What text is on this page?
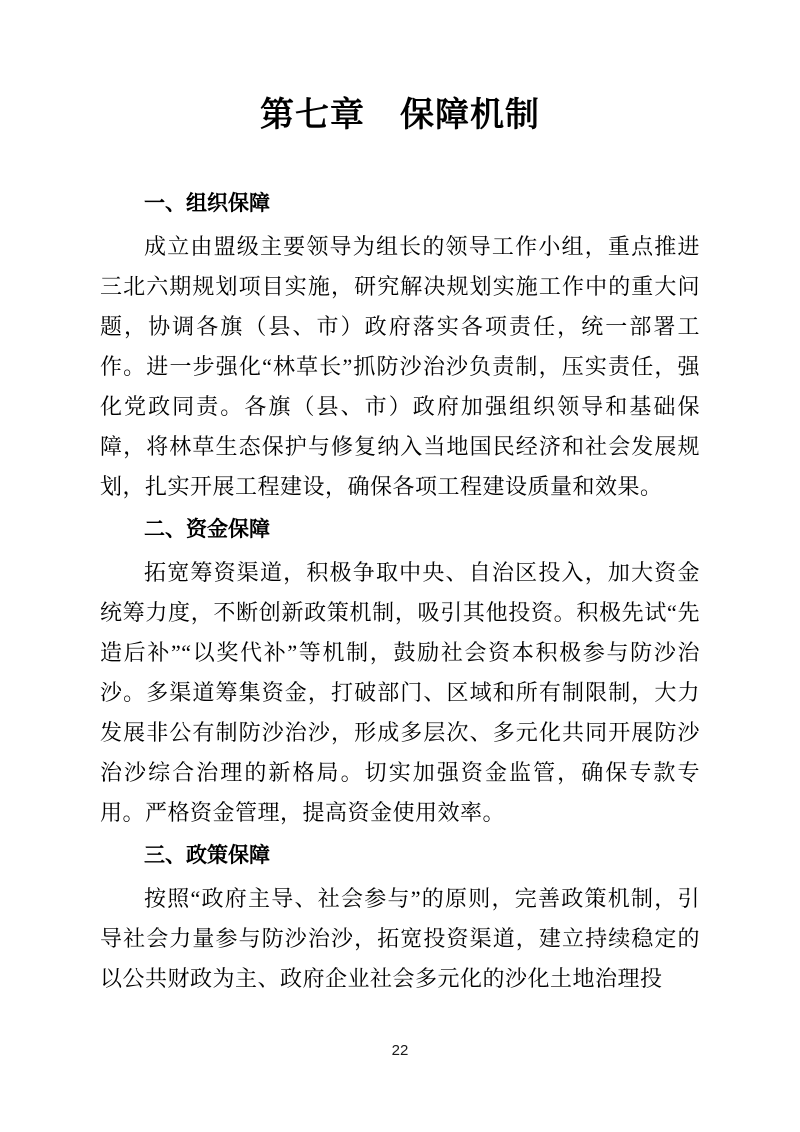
第七章　保障机制
一、组织保障

成立由盟级主要领导为组长的领导工作小组，重点推进三北六期规划项目实施，研究解决规划实施工作中的重大问题，协调各旗（县、市）政府落实各项责任，统一部署工作。进一步强化“林草长”抓防沙治沙负责制，压实责任，强化党政同责。各旗（县、市）政府加强组织领导和基础保障，将林草生态保护与修复纳入当地国民经济和社会发展规划，扎实开展工程建设，确保各项工程建设质量和效果。

二、资金保障

拓宽筹资渠道，积极争取中央、自治区投入，加大资金统筹力度，不断创新政策机制，吸引其他投资。积极先试“先造后补”“以奖代补”等机制，鼓励社会资本积极参与防沙治沙。多渠道筹集资金，打破部门、区域和所有制限制，大力发展非公有制防沙治沙，形成多层次、多元化共同开展防沙治沙综合治理的新格局。切实加强资金监管，确保专款专用。严格资金管理，提高资金使用效率。

三、政策保障

按照“政府主导、社会参与”的原则，完善政策机制，引导社会力量参与防沙治沙，拓宽投资渠道，建立持续稳定的以公共财政为主、政府企业社会多元化的沙化土地治理投

22
